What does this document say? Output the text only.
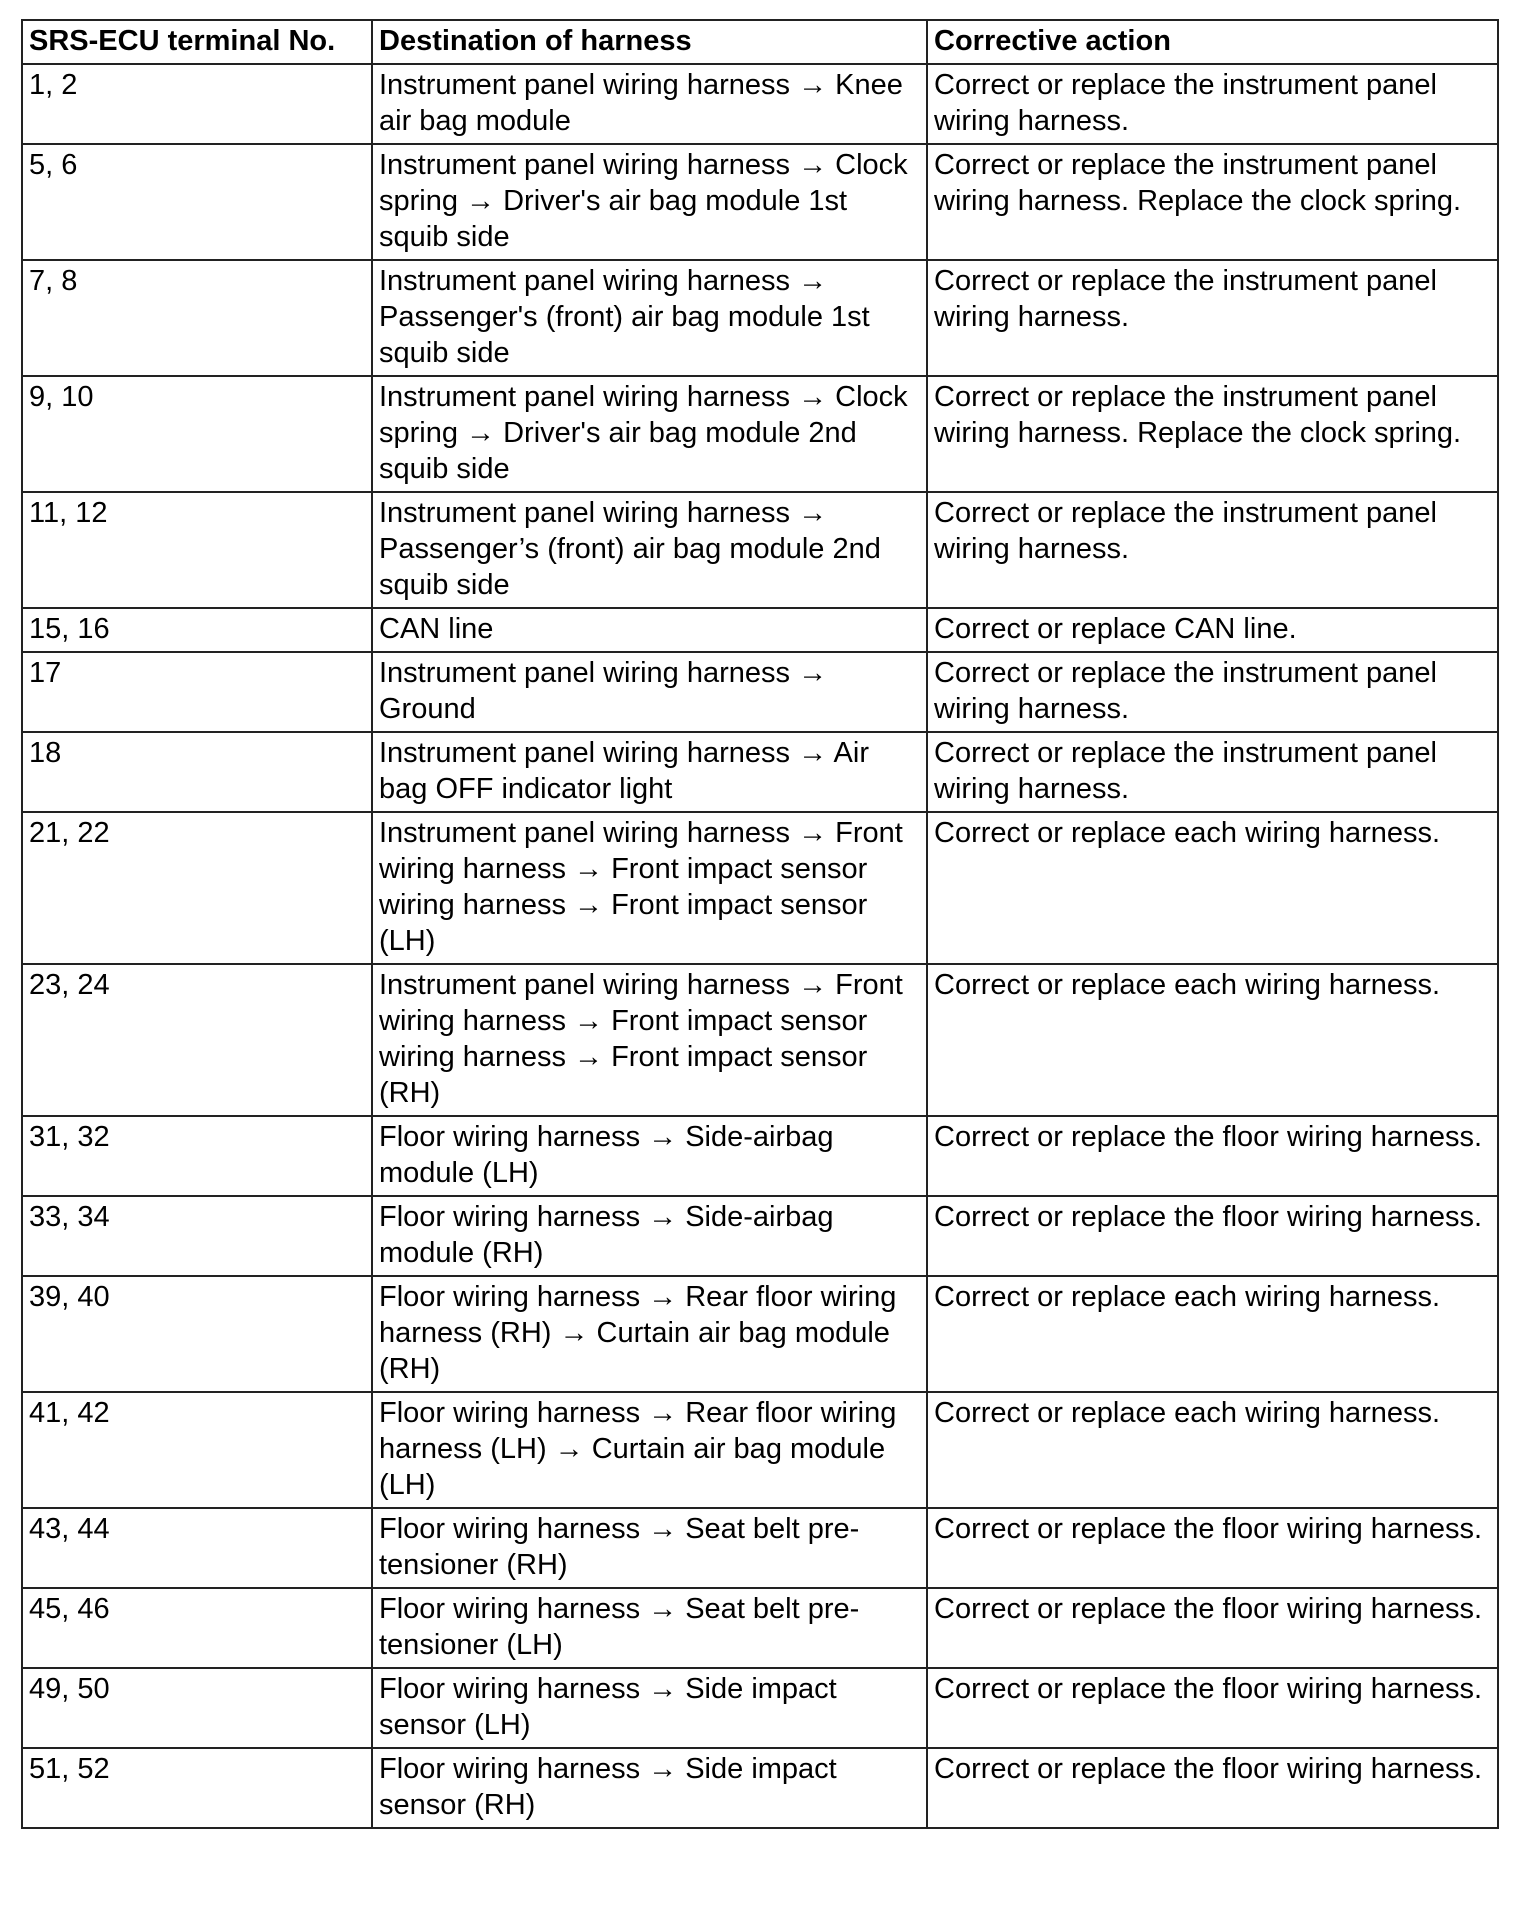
SRS-ECU terminal No.	Destination of harness	Corrective action
1, 2	Instrument panel wiring harness → Knee air bag module	Correct or replace the instrument panel wiring harness.
5, 6	Instrument panel wiring harness → Clock spring → Driver's air bag module 1st squib side	Correct or replace the instrument panel wiring harness. Replace the clock spring.
7, 8	Instrument panel wiring harness → Passenger's (front) air bag module 1st squib side	Correct or replace the instrument panel wiring harness.
9, 10	Instrument panel wiring harness → Clock spring → Driver's air bag module 2nd squib side	Correct or replace the instrument panel wiring harness. Replace the clock spring.
11, 12	Instrument panel wiring harness → Passenger’s (front) air bag module 2nd squib side	Correct or replace the instrument panel wiring harness.
15, 16	CAN line	Correct or replace CAN line.
17	Instrument panel wiring harness → Ground	Correct or replace the instrument panel wiring harness.
18	Instrument panel wiring harness → Air bag OFF indicator light	Correct or replace the instrument panel wiring harness.
21, 22	Instrument panel wiring harness → Front wiring harness → Front impact sensor wiring harness → Front impact sensor (LH)	Correct or replace each wiring harness.
23, 24	Instrument panel wiring harness → Front wiring harness → Front impact sensor wiring harness → Front impact sensor (RH)	Correct or replace each wiring harness.
31, 32	Floor wiring harness → Side-airbag module (LH)	Correct or replace the floor wiring harness.
33, 34	Floor wiring harness → Side-airbag module (RH)	Correct or replace the floor wiring harness.
39, 40	Floor wiring harness → Rear floor wiring harness (RH) → Curtain air bag module (RH)	Correct or replace each wiring harness.
41, 42	Floor wiring harness → Rear floor wiring harness (LH) → Curtain air bag module (LH)	Correct or replace each wiring harness.
43, 44	Floor wiring harness → Seat belt pre-tensioner (RH)	Correct or replace the floor wiring harness.
45, 46	Floor wiring harness → Seat belt pre-tensioner (LH)	Correct or replace the floor wiring harness.
49, 50	Floor wiring harness → Side impact sensor (LH)	Correct or replace the floor wiring harness.
51, 52	Floor wiring harness → Side impact sensor (RH)	Correct or replace the floor wiring harness.
